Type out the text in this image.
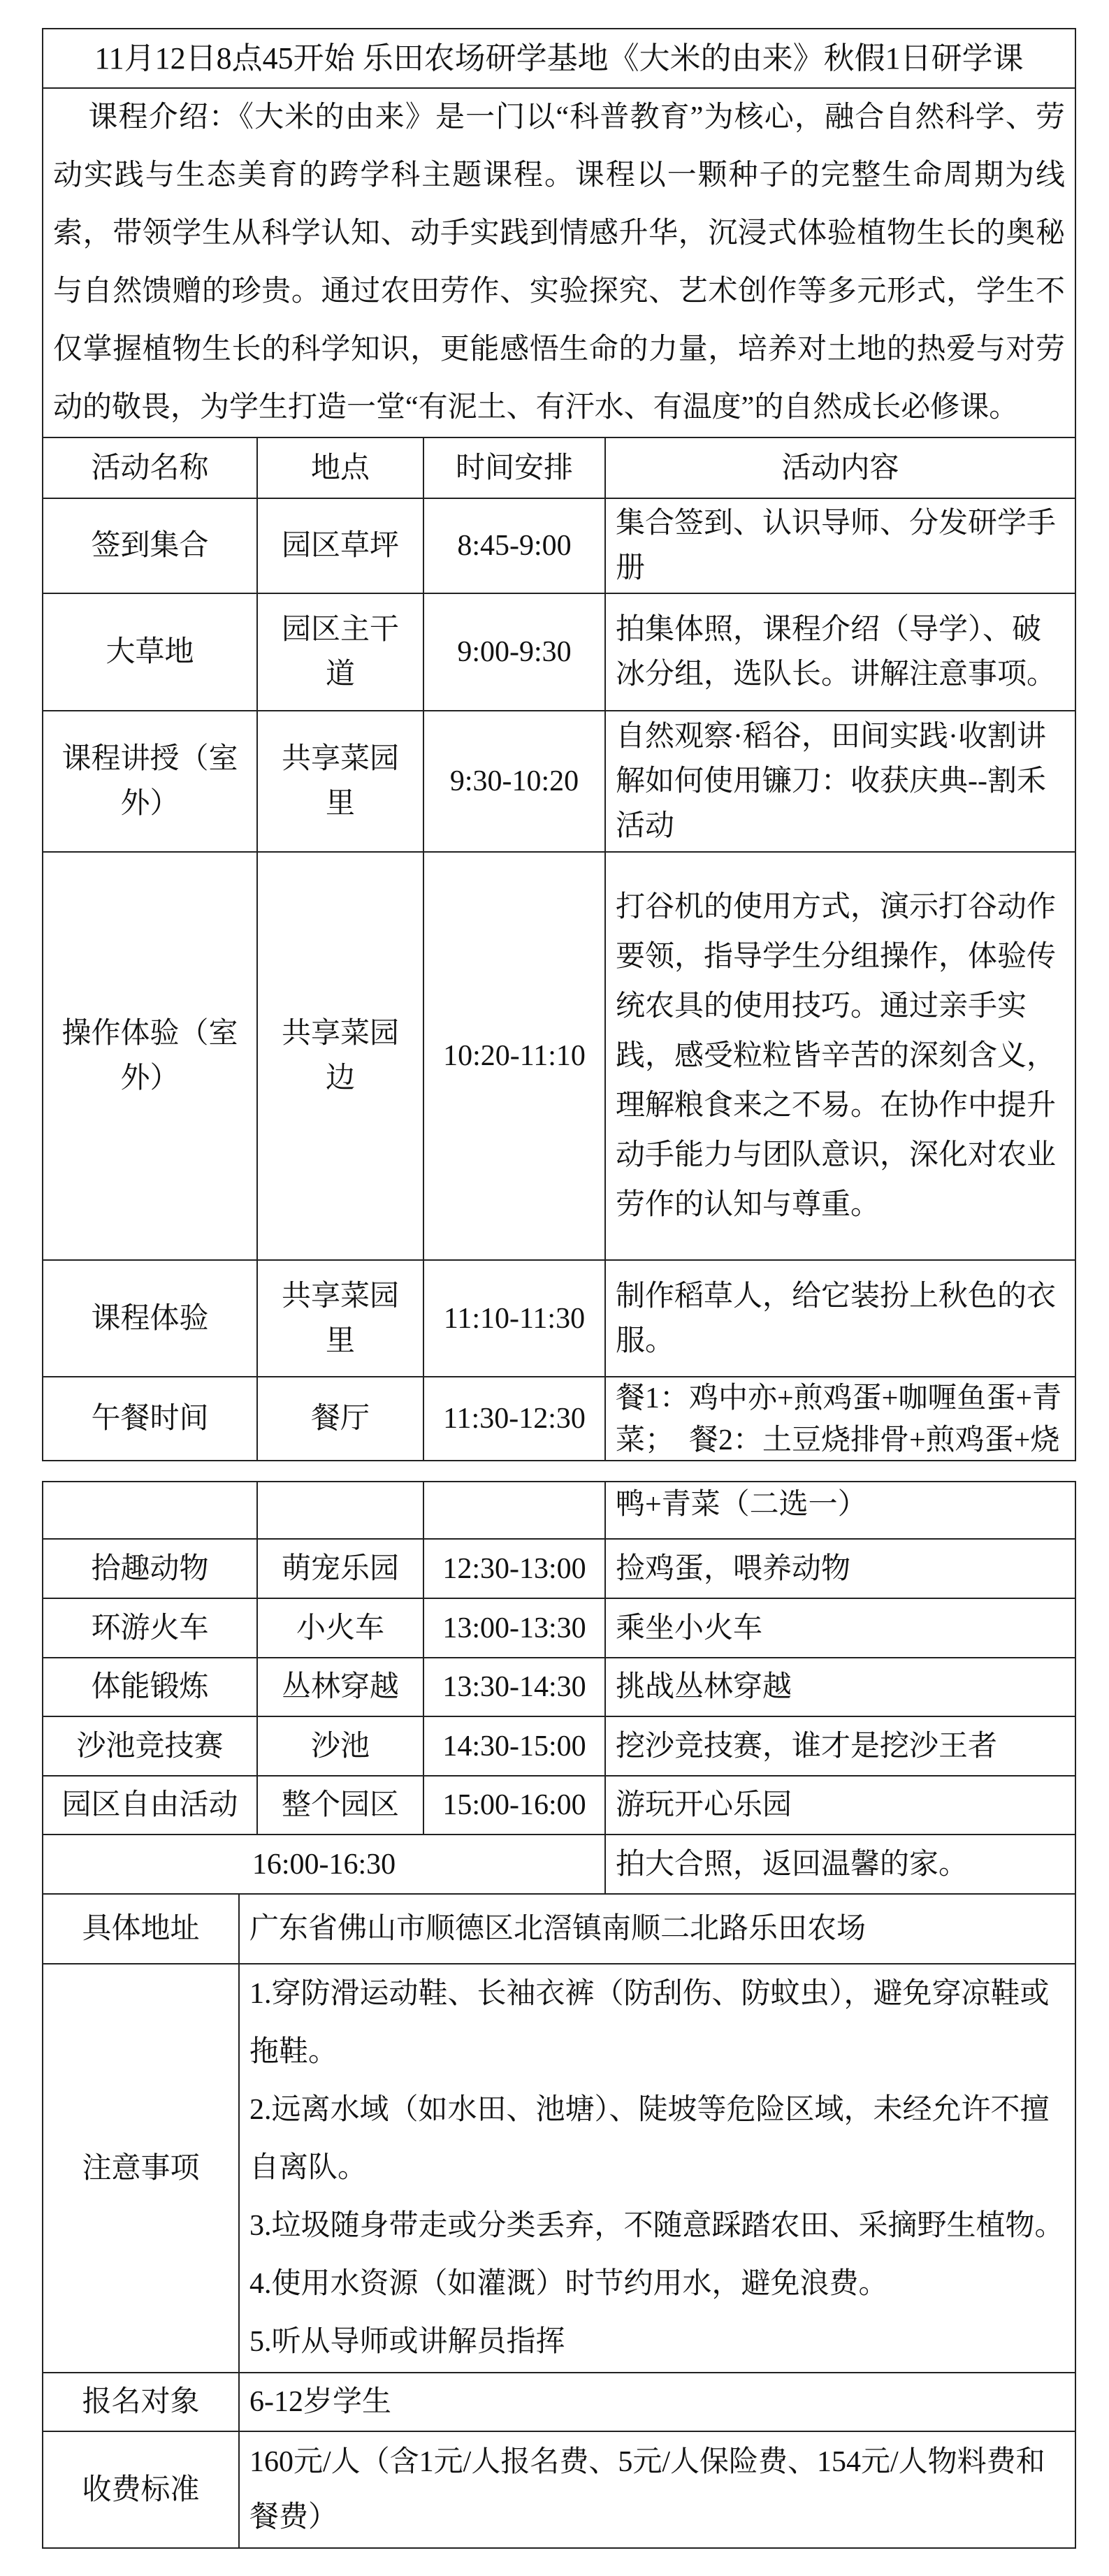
11月12日8点45开始 乐田农场研学基地《大米的由来》秋假1日研学课			
课程介绍：《大米的由来》是一门以“科普教育”为核心，融合自然科学、劳动实践与生态美育的跨学科主题课程。课程以一颗种子的完整生命周期为线索，带领学生从科学认知、动手实践到情感升华，沉浸式体验植物生长的奥秘与自然馈赠的珍贵。通过农田劳作、实验探究、艺术创作等多元形式，学生不仅掌握植物生长的科学知识，更能感悟生命的力量，培养对土地的热爱与对劳动的敬畏，为学生打造一堂“有泥土、有汗水、有温度”的自然成长必修课。			
活动名称	地点	时间安排	活动内容
签到集合	园区草坪	8:45-9:00	集合签到、认识导师、分发研学手册
大草地	园区主干道	9:00-9:30	拍集体照，课程介绍（导学）、破冰分组，选队长。讲解注意事项。
课程讲授（室外）	共享菜园里	9:30-10:20	自然观察·稻谷，田间实践·收割讲解如何使用镰刀：收获庆典--割禾活动
操作体验（室外）	共享菜园边	10:20-11:10	打谷机的使用方式，演示打谷动作要领，指导学生分组操作，体验传统农具的使用技巧。通过亲手实践，感受粒粒皆辛苦的深刻含义，理解粮食来之不易。在协作中提升动手能力与团队意识，深化对农业劳作的认知与尊重。
课程体验	共享菜园里	11:10-11:30	制作稻草人，给它装扮上秋色的衣服。
午餐时间	餐厅	11:30-12:30	餐1：鸡中亦+煎鸡蛋+咖喱鱼蛋+青菜；　餐2：土豆烧排骨+煎鸡蛋+烧
			鸭+青菜（二选一）
拾趣动物	萌宠乐园	12:30-13:00	捡鸡蛋，喂养动物
环游火车	小火车	13:00-13:30	乘坐小火车
体能锻炼	丛林穿越	13:30-14:30	挑战丛林穿越
沙池竞技赛	沙池	14:30-15:00	挖沙竞技赛，谁才是挖沙王者
园区自由活动	整个园区	15:00-16:00	游玩开心乐园
16:00-16:30			拍大合照，返回温馨的家。
具体地址	广东省佛山市顺德区北滘镇南顺二北路乐田农场
注意事项	1.穿防滑运动鞋、长袖衣裤（防刮伤、防蚊虫），避免穿凉鞋或拖鞋。
2.远离水域（如水田、池塘）、陡坡等危险区域，未经允许不擅自离队。
3.垃圾随身带走或分类丢弃，不随意踩踏农田、采摘野生植物。
4.使用水资源（如灌溉）时节约用水，避免浪费。
5.听从导师或讲解员指挥

报名对象	6-12岁学生
收费标准	160元/人（含1元/人报名费、5元/人保险费、154元/人物料费和餐费）
